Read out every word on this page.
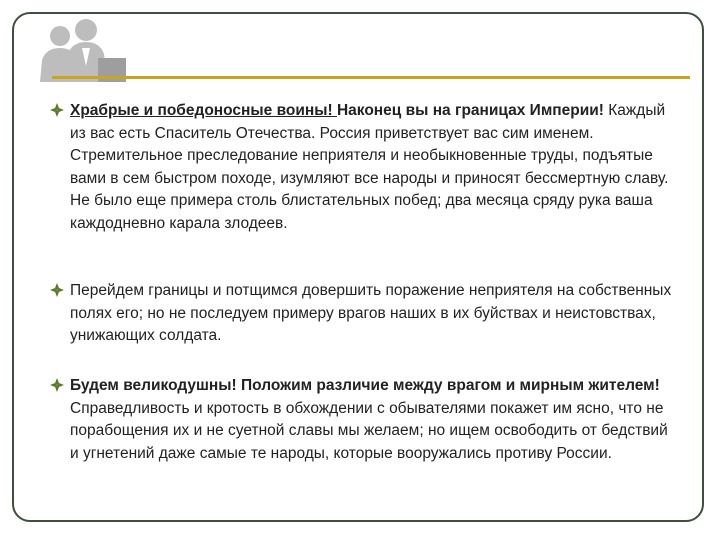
Храбрые и победоносные воины! Наконец вы на границах Империи! Каждый из вас есть Спаситель Отечества. Россия приветствует вас сим именем. Стремительное преследование неприятеля и необыкновенные труды, подъятые вами в сем быстром походе, изумляют все народы и приносят бессмертную славу. Не было еще примера столь блистательных побед; два месяца сряду рука ваша каждодневно карала злодеев.
Перейдем границы и потщимся довершить поражение неприятеля на собственных полях его; но не последуем примеру врагов наших в их буйствах и неистовствах, унижающих солдата.
Будем великодушны! Положим различие между врагом и мирным жителем! Справедливость и кротость в обхождении с обывателями покажет им ясно, что не порабощения их и не суетной славы мы желаем; но ищем освободить от бедствий и угнетений даже самые те народы, которые вооружались противу России.
